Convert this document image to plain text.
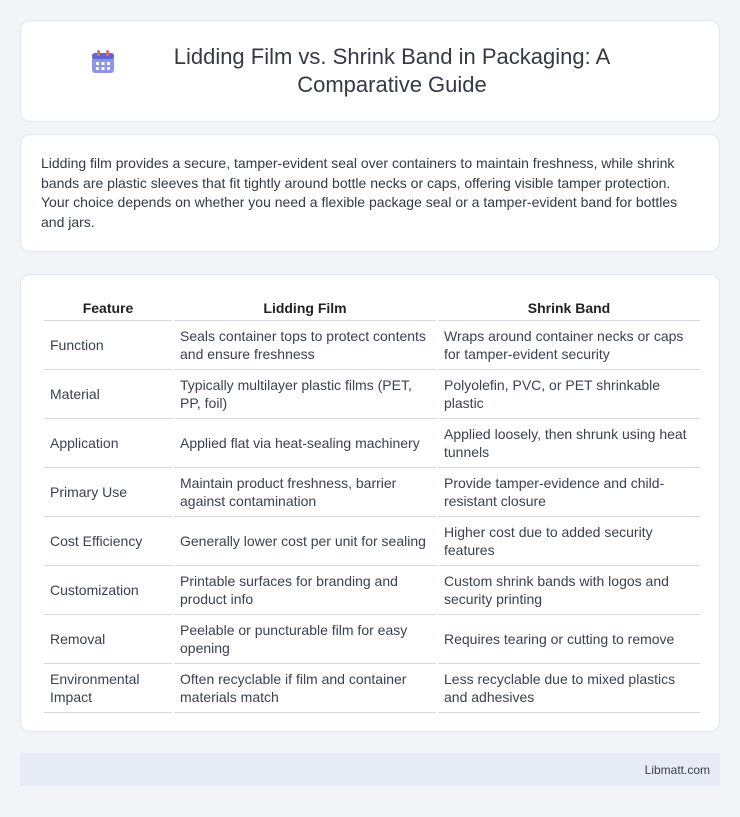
Lidding Film vs. Shrink Band in Packaging: A Comparative Guide

Lidding film provides a secure, tamper-evident seal over containers to maintain freshness, while shrink bands are plastic sleeves that fit tightly around bottle necks or caps, offering visible tamper protection. Your choice depends on whether you need a flexible package seal or a tamper-evident band for bottles and jars.

Feature	Lidding Film	Shrink Band
Function	Seals container tops to protect contents and ensure freshness	Wraps around container necks or caps for tamper-evident security
Material	Typically multilayer plastic films (PET, PP, foil)	Polyolefin, PVC, or PET shrinkable plastic
Application	Applied flat via heat-sealing machinery	Applied loosely, then shrunk using heat tunnels
Primary Use	Maintain product freshness, barrier against contamination	Provide tamper-evidence and child-resistant closure
Cost Efficiency	Generally lower cost per unit for sealing	Higher cost due to added security features
Customization	Printable surfaces for branding and product info	Custom shrink bands with logos and security printing
Removal	Peelable or puncturable film for easy opening	Requires tearing or cutting to remove
Environmental Impact	Often recyclable if film and container materials match	Less recyclable due to mixed plastics and adhesives
Libmatt.com
